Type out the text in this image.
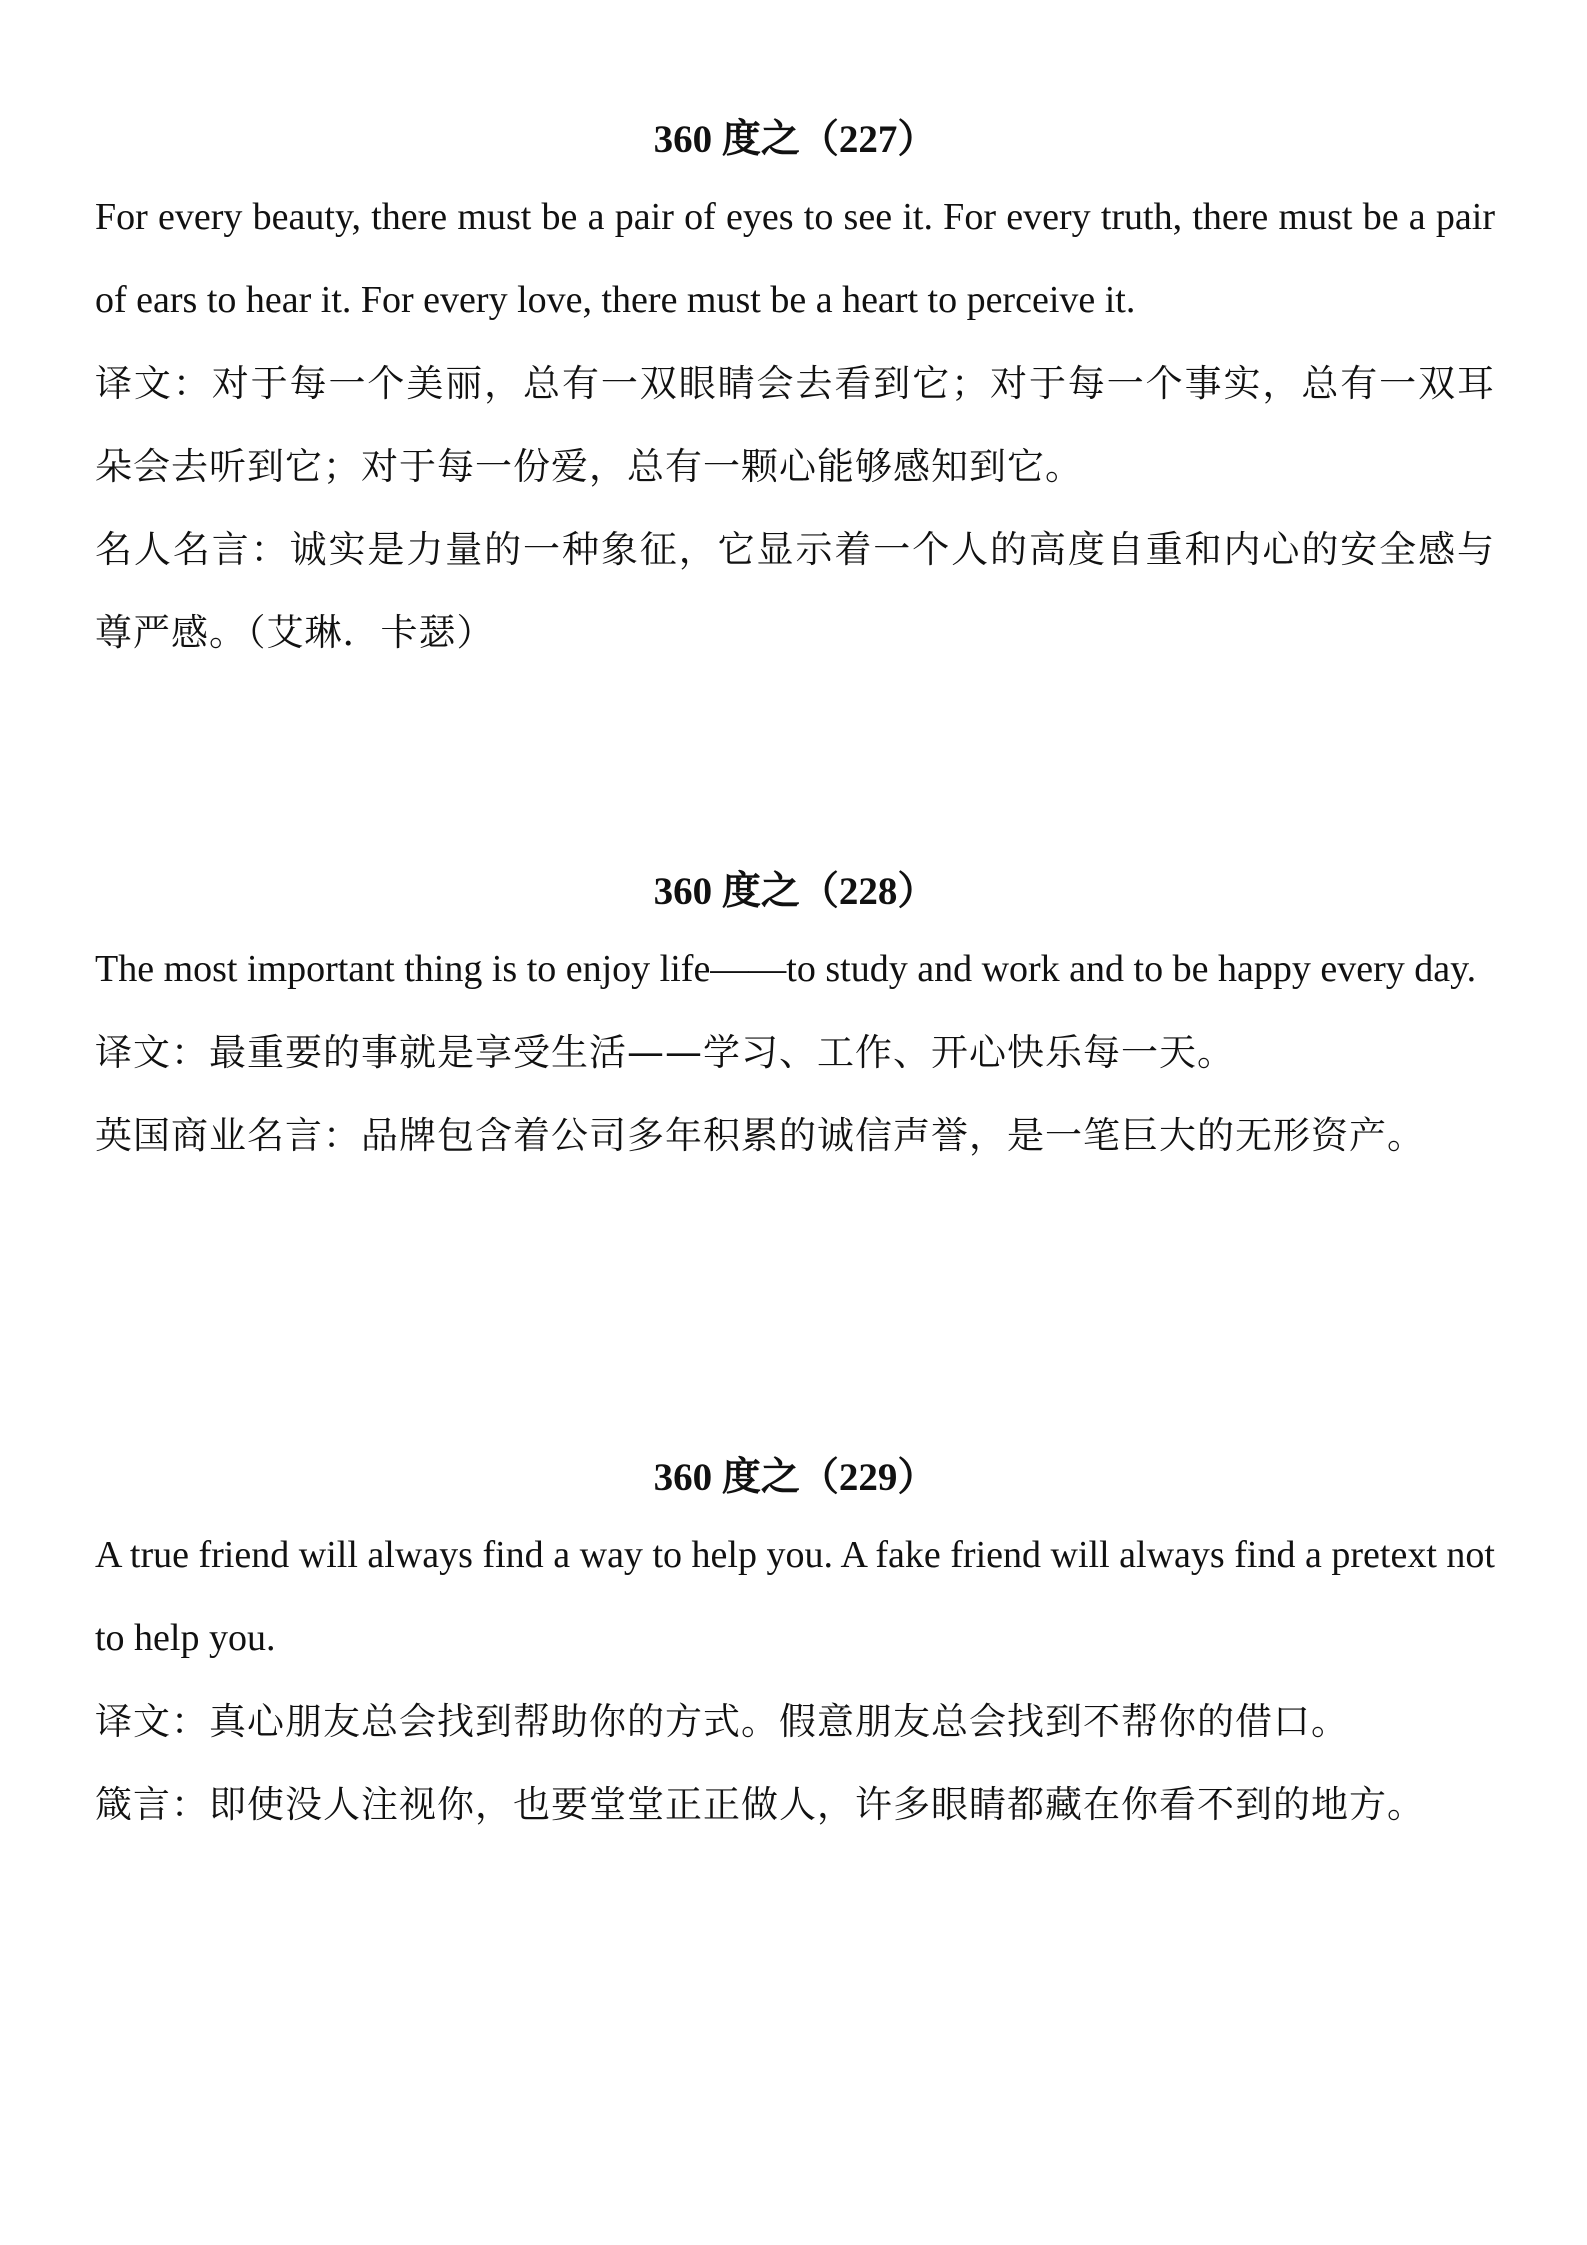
360 度之（227）

For every beauty, there must be a pair of eyes to see it. For every truth, there must be a pair of ears to hear it. For every love, there must be a heart to perceive it.

译文：对于每一个美丽，总有一双眼睛会去看到它；对于每一个事实，总有一双耳朵会去听到它；对于每一份爱，总有一颗心能够感知到它。

名人名言：诚实是力量的一种象征，它显示着一个人的高度自重和内心的安全感与尊严感。（艾琳．卡瑟）

360 度之（228）

The most important thing is to enjoy life——to study and work and to be happy every day.

译文：最重要的事就是享受生活——学习、工作、开心快乐每一天。

英国商业名言：品牌包含着公司多年积累的诚信声誉，是一笔巨大的无形资产。

360 度之（229）

A true friend will always find a way to help you. A fake friend will always find a pretext not to help you.

译文：真心朋友总会找到帮助你的方式。假意朋友总会找到不帮你的借口。

箴言：即使没人注视你，也要堂堂正正做人，许多眼睛都藏在你看不到的地方。
